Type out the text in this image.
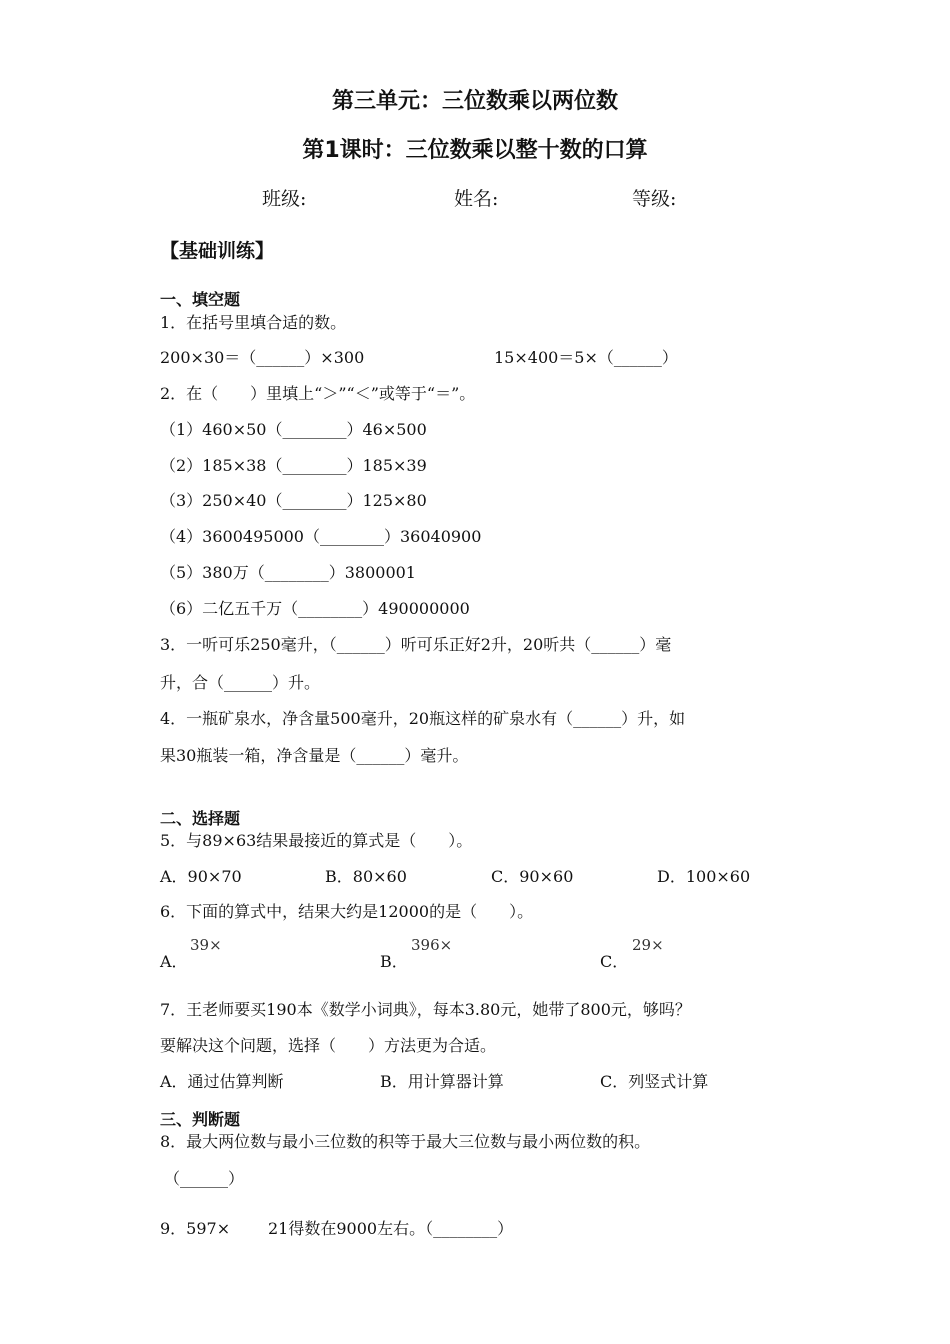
第三单元：三位数乘以两位数
第1课时：三位数乘以整十数的口算
班级:	姓名:	等级:
【基础训练】
一、填空题
1．在括号里填合适的数。
200×30＝（______）×300	15×400＝5×（______）
2．在（　　）里填上“＞”“＜”或等于“＝”。
（1）460×50（________）46×500
（2）185×38（________）185×39
（3）250×40（________）125×80
（4）3600495000（________）36040900
（5）380万（________）3800001
（6）二亿五千万（________）490000000
3．一听可乐250毫升，（______）听可乐正好2升，20听共（______）毫
升，合（______）升。
4．一瓶矿泉水，净含量500毫升，20瓶这样的矿泉水有（______）升，如
果30瓶装一箱，净含量是（______）毫升。
二、选择题
5．与89×63结果最接近的算式是（　　）。
A．90×70	B．80×60	C．90×60	D．100×60
6．下面的算式中，结果大约是12000的是（　　）。
A．
39×
B．
396×
C．
29×
7．王老师要买190本《数学小词典》，每本3.80元，她带了800元，够吗？
要解决这个问题，选择（　　）方法更为合适。
A．通过估算判断	B．用计算器计算	C．列竖式计算
三、判断题
8．最大两位数与最小三位数的积等于最大三位数与最小两位数的积。
（______）
9．597× 21得数在9000左右。（________）
